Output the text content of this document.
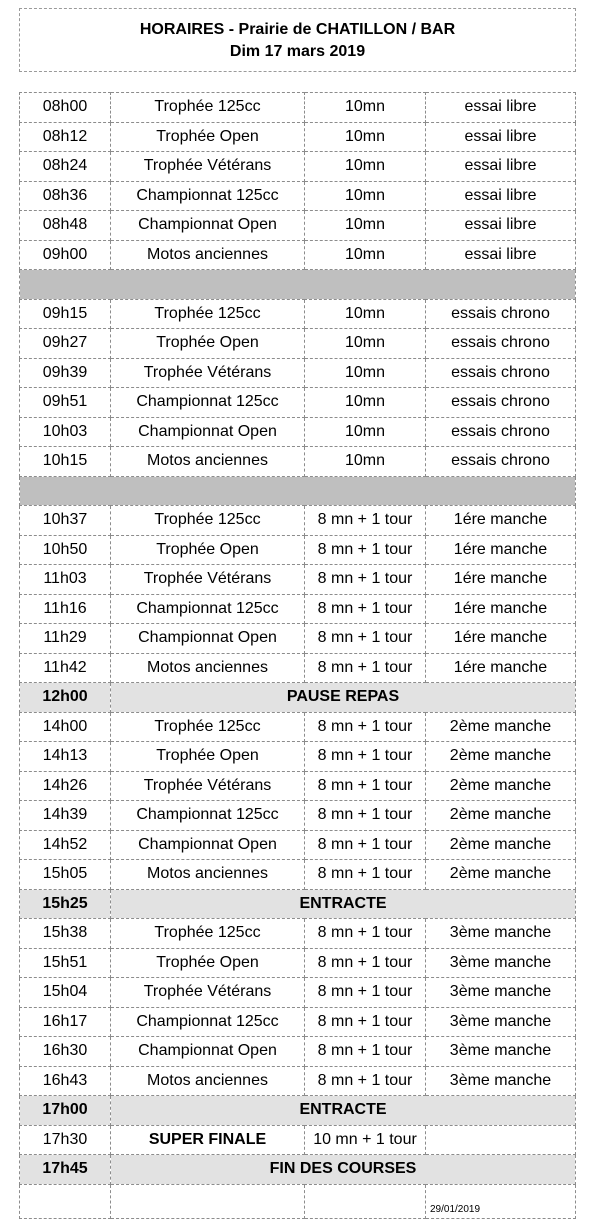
HORAIRES - Prairie de CHATILLON / BAR
Dim 17 mars 2019
08h00	Trophée 125cc	10mn	essai libre
08h12	Trophée Open	10mn	essai libre
08h24	Trophée Vétérans	10mn	essai libre
08h36	Championnat 125cc	10mn	essai libre
08h48	Championnat Open	10mn	essai libre
09h00	Motos anciennes	10mn	essai libre

09h15	Trophée 125cc	10mn	essais chrono
09h27	Trophée Open	10mn	essais chrono
09h39	Trophée Vétérans	10mn	essais chrono
09h51	Championnat 125cc	10mn	essais chrono
10h03	Championnat Open	10mn	essais chrono
10h15	Motos anciennes	10mn	essais chrono

10h37	Trophée 125cc	8 mn + 1 tour	1ére manche
10h50	Trophée Open	8 mn + 1 tour	1ére manche
11h03	Trophée Vétérans	8 mn + 1 tour	1ére manche
11h16	Championnat 125cc	8 mn + 1 tour	1ére manche
11h29	Championnat Open	8 mn + 1 tour	1ére manche
11h42	Motos anciennes	8 mn + 1 tour	1ére manche
12h00	PAUSE REPAS		
14h00	Trophée 125cc	8 mn + 1 tour	2ème manche
14h13	Trophée Open	8 mn + 1 tour	2ème manche
14h26	Trophée Vétérans	8 mn + 1 tour	2ème manche
14h39	Championnat 125cc	8 mn + 1 tour	2ème manche
14h52	Championnat Open	8 mn + 1 tour	2ème manche
15h05	Motos anciennes	8 mn + 1 tour	2ème manche
15h25	ENTRACTE		
15h38	Trophée 125cc	8 mn + 1 tour	3ème manche
15h51	Trophée Open	8 mn + 1 tour	3ème manche
15h04	Trophée Vétérans	8 mn + 1 tour	3ème manche
16h17	Championnat 125cc	8 mn + 1 tour	3ème manche
16h30	Championnat Open	8 mn + 1 tour	3ème manche
16h43	Motos anciennes	8 mn + 1 tour	3ème manche
17h00	ENTRACTE		
17h30	SUPER FINALE	10 mn + 1 tour	
17h45	FIN DES COURSES		
			29/01/2019
